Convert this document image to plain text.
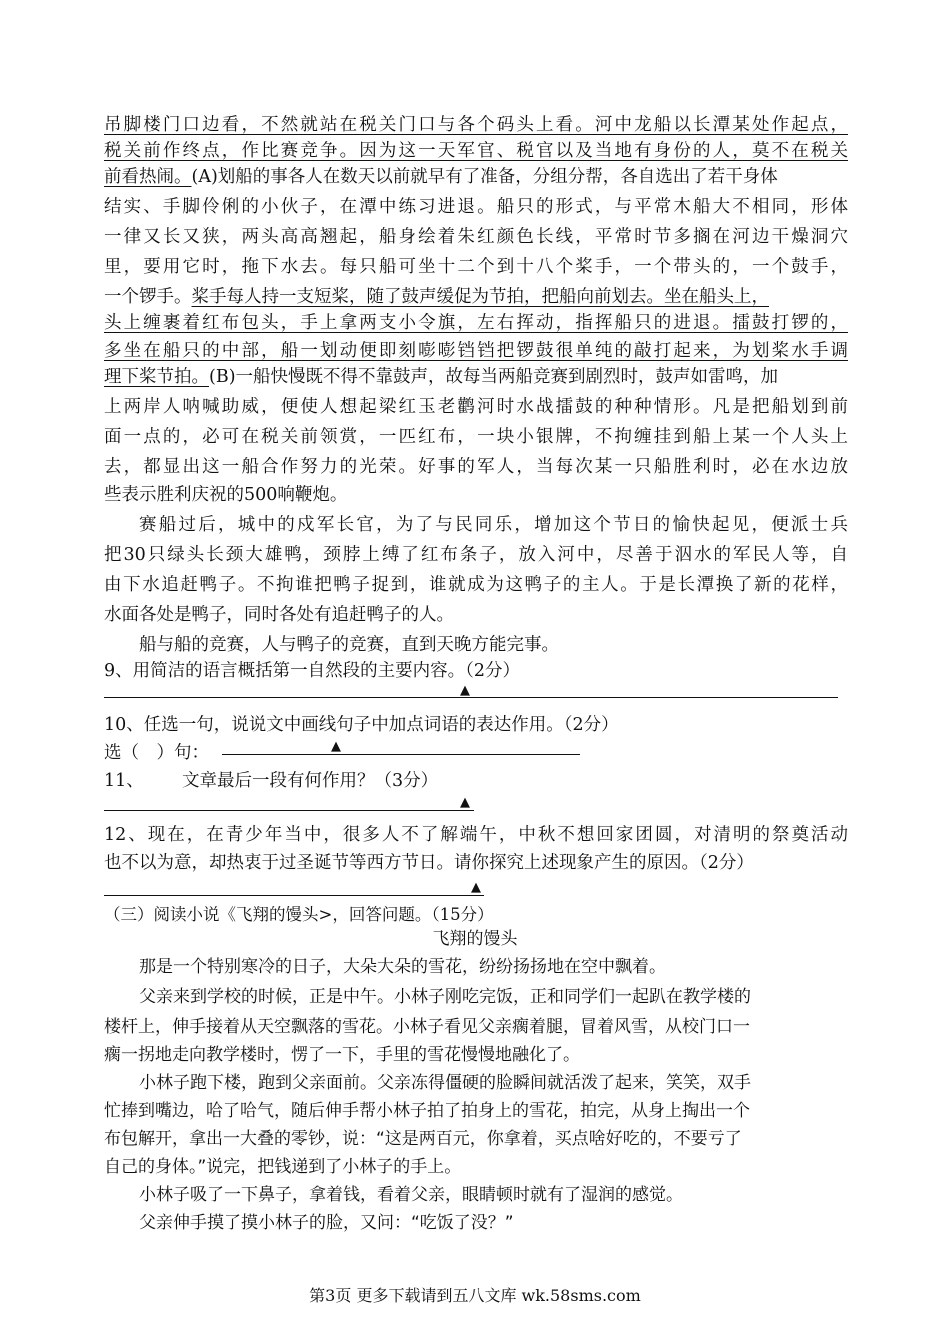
吊脚楼门口边看，不然就站在税关门口与各个码头上看。河中龙船以长潭某处作起点，
税关前作终点，作比赛竞争。因为这一天军官、税官以及当地有身份的人，莫不在税关
前看热闹。(A)划船的事各人在数天以前就早有了准备，分组分帮，各自选出了若干身体
结实、手脚伶俐的小伙子，在潭中练习进退。船只的形式，与平常木船大不相同，形体
一律又长又狭，两头高高翘起，船身绘着朱红颜色长线，平常时节多搁在河边干燥洞穴
里，要用它时，拖下水去。每只船可坐十二个到十八个桨手，一个带头的，一个鼓手，
一个锣手。桨手每人持一支短桨，随了鼓声缓促为节拍，把船向前划去。坐在船头上，
头上缠裹着红布包头，手上拿两支小令旗，左右挥动，指挥船只的进退。擂鼓打锣的，
多坐在船只的中部，船一划动便即刻嘭嘭铛铛把锣鼓很单纯的敲打起来，为划桨水手调
理下桨节拍。(B)一船快慢既不得不靠鼓声，故每当两船竞赛到剧烈时，鼓声如雷鸣，加
上两岸人呐喊助威，便使人想起梁红玉老鹳河时水战擂鼓的种种情形。凡是把船划到前
面一点的，必可在税关前领赏，一匹红布，一块小银牌，不拘缠挂到船上某一个人头上
去，都显出这一船合作努力的光荣。好事的军人，当每次某一只船胜利时，必在水边放
些表示胜利庆祝的500响鞭炮。
赛船过后，城中的戍军长官，为了与民同乐，增加这个节日的愉快起见，便派士兵
把30只绿头长颈大雄鸭，颈脖上缚了红布条子，放入河中，尽善于泅水的军民人等，自
由下水追赶鸭子。不拘谁把鸭子捉到，谁就成为这鸭子的主人。于是长潭换了新的花样，
水面各处是鸭子，同时各处有追赶鸭子的人。
船与船的竞赛，人与鸭子的竞赛，直到天晚方能完事。
9、用简洁的语言概括第一自然段的主要内容。（2分）
▲
10、任选一句，说说文中画线句子中加点词语的表达作用。（2分）
选（　）句：	▲
11、	文章最后一段有何作用？（3分）
▲
12、现在，在青少年当中，很多人不了解端午，中秋不想回家团圆，对清明的祭奠活动
也不以为意，却热衷于过圣诞节等西方节日。请你探究上述现象产生的原因。（2分）
▲
（三）阅读小说《飞翔的馒头>，回答问题。（15分）
飞翔的馒头
那是一个特别寒冷的日子，大朵大朵的雪花，纷纷扬扬地在空中飘着。
父亲来到学校的时候，正是中午。小林子刚吃完饭，正和同学们一起趴在教学楼的
楼杆上，伸手接着从天空飘落的雪花。小林子看见父亲瘸着腿，冒着风雪，从校门口一
瘸一拐地走向教学楼时，愣了一下，手里的雪花慢慢地融化了。
小林子跑下楼，跑到父亲面前。父亲冻得僵硬的脸瞬间就活泼了起来，笑笑，双手
忙捧到嘴边，哈了哈气，随后伸手帮小林子拍了拍身上的雪花，拍完，从身上掏出一个
布包解开，拿出一大叠的零钞，说：“这是两百元，你拿着，买点啥好吃的，不要亏了
自己的身体。”说完，把钱递到了小林子的手上。
小林子吸了一下鼻子，拿着钱，看着父亲，眼睛顿时就有了湿润的感觉。
父亲伸手摸了摸小林子的脸，又问：“吃饭了没？”
第3页 更多下载请到五八文库 wk.58sms.com
